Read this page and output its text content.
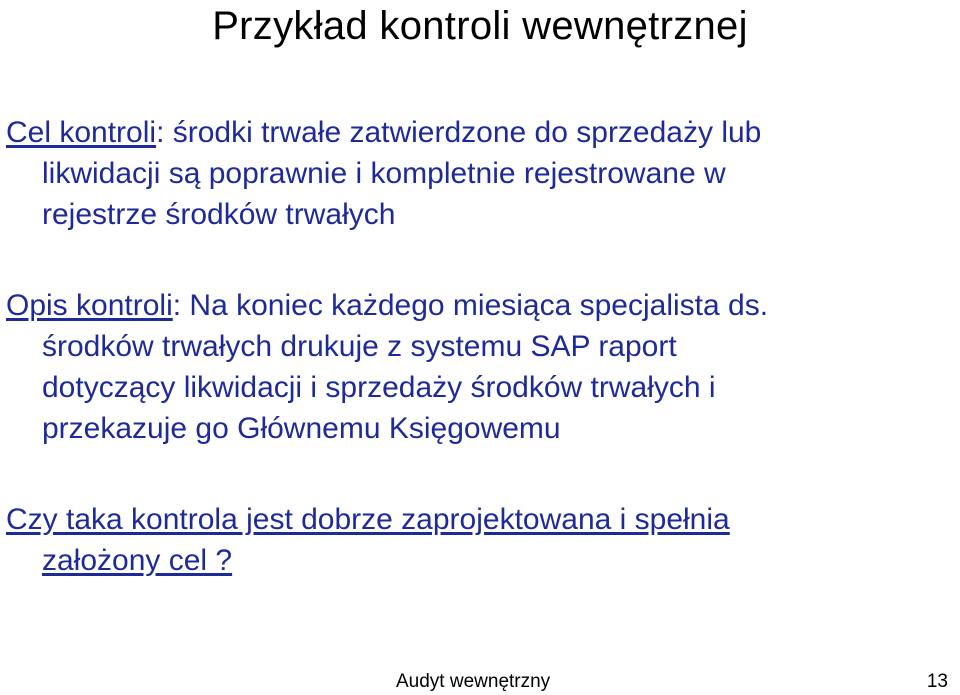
Przykład kontroli wewnętrznej
Cel kontroli: środki trwałe zatwierdzone do sprzedaży lub
likwidacji są poprawnie i kompletnie rejestrowane w
rejestrze środków trwałych
Opis kontroli: Na koniec każdego miesiąca specjalista ds.
środków trwałych drukuje z systemu SAP raport
dotyczący likwidacji i sprzedaży środków trwałych i
przekazuje go Głównemu Księgowemu
Czy taka kontrola jest dobrze zaprojektowana i spełnia
założony cel ?
Audyt wewnętrzny	13
